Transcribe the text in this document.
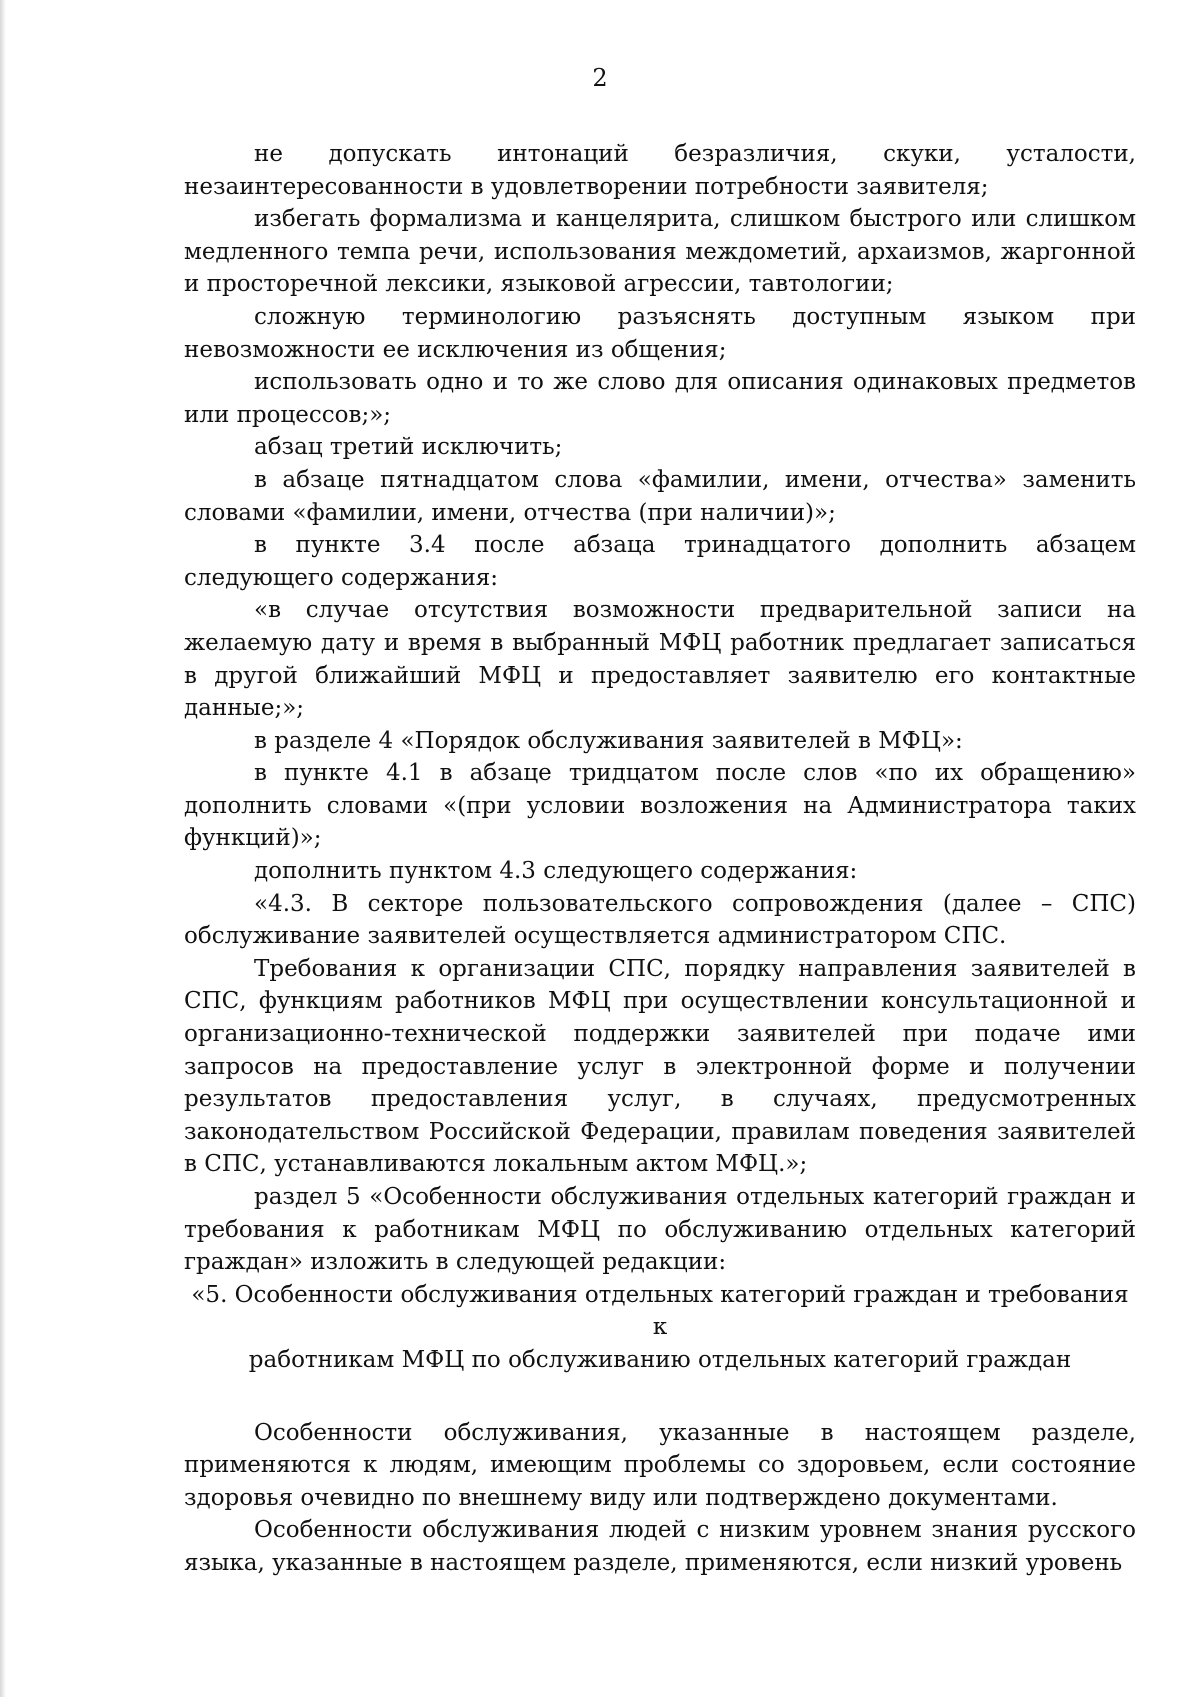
2

не допускать интонаций безразличия, скуки, усталости, незаинтересованности в удовлетворении потребности заявителя;

избегать формализма и канцелярита, слишком быстрого или слишком медленного темпа речи, использования междометий, архаизмов, жаргонной и просторечной лексики, языковой агрессии, тавтологии;

сложную терминологию разъяснять доступным языком при невозможности ее исключения из общения;

использовать одно и то же слово для описания одинаковых предметов или процессов;»;

абзац третий исключить;

в абзаце пятнадцатом слова «фамилии, имени, отчества» заменить словами «фамилии, имени, отчества (при наличии)»;

в пункте 3.4 после абзаца тринадцатого дополнить абзацем следующего содержания:

«в случае отсутствия возможности предварительной записи на желаемую дату и время в выбранный МФЦ работник предлагает записаться в другой ближайший МФЦ и предоставляет заявителю его контактные данные;»;

в разделе 4 «Порядок обслуживания заявителей в МФЦ»:

в пункте 4.1 в абзаце тридцатом после слов «по их обращению» дополнить словами «(при условии возложения на Администратора таких функций)»;

дополнить пунктом 4.3 следующего содержания:

«4.3. В секторе пользовательского сопровождения (далее – СПС) обслуживание заявителей осуществляется администратором СПС.

Требования к организации СПС, порядку направления заявителей в СПС, функциям работников МФЦ при осуществлении консультационной и организационно-технической поддержки заявителей при подаче ими запросов на предоставление услуг в электронной форме и получении результатов предоставления услуг, в случаях, предусмотренных законодательством Российской Федерации, правилам поведения заявителей в СПС, устанавливаются локальным актом МФЦ.»;

раздел 5 «Особенности обслуживания отдельных категорий граждан и требования к работникам МФЦ по обслуживанию отдельных категорий граждан» изложить в следующей редакции:

«5. Особенности обслуживания отдельных категорий граждан и требования к
работникам МФЦ по обслуживанию отдельных категорий граждан

Особенности обслуживания, указанные в настоящем разделе, применяются к людям, имеющим проблемы со здоровьем, если состояние здоровья очевидно по внешнему виду или подтверждено документами.

Особенности обслуживания людей с низким уровнем знания русского языка, указанные в настоящем разделе, применяются, если низкий уровень
